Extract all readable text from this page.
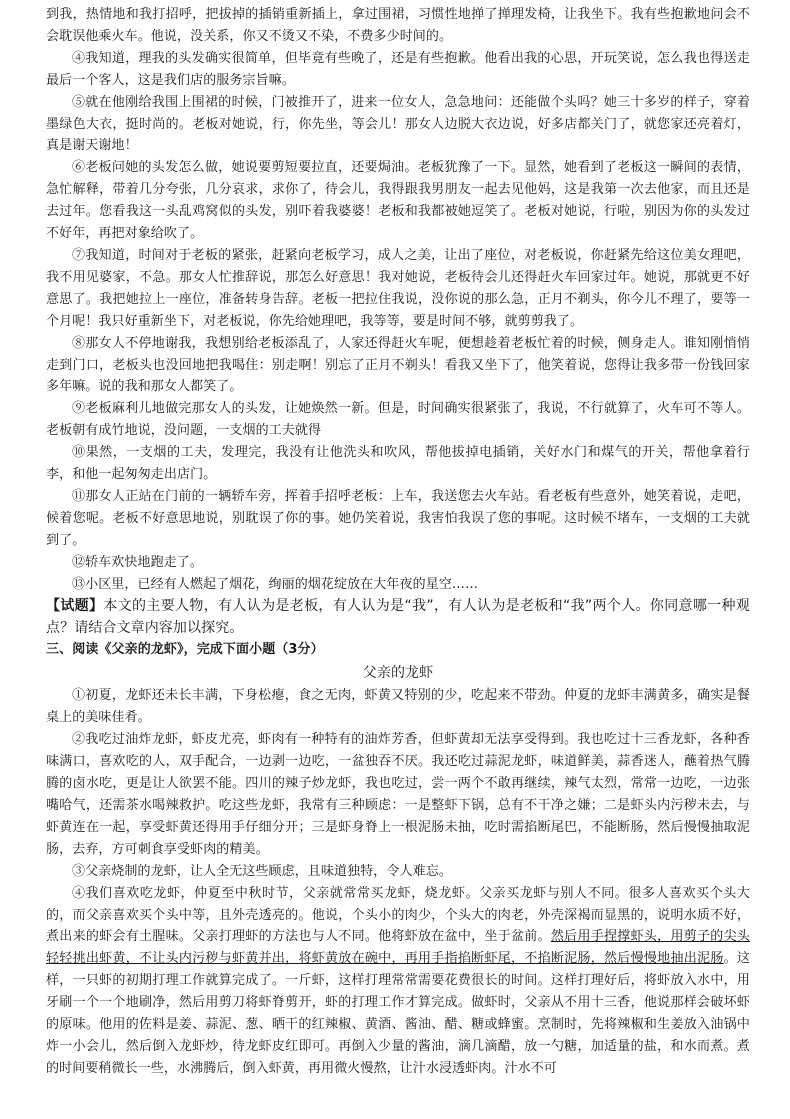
到我，热情地和我打招呼，把拔掉的插销重新插上，拿过围裙，习惯性地掸了掸理发椅，让我坐下。我有些抱歉地问会不会耽误他乘火车。他说，没关系，你又不烫又不染，不费多少时间的。

④我知道，理我的头发确实很简单，但毕竟有些晚了，还是有些抱歉。他看出我的心思，开玩笑说，怎么我也得送走最后一个客人，这是我们店的服务宗旨嘛。

⑤就在他刚给我围上围裙的时候，门被推开了，进来一位女人，急急地问：还能做个头吗？她三十多岁的样子，穿着墨绿色大衣，挺时尚的。老板对她说，行，你先坐，等会儿！那女人边脱大衣边说，好多店都关门了，就您家还亮着灯，真是谢天谢地！

⑥老板问她的头发怎么做，她说要剪短要拉直，还要焗油。老板犹豫了一下。显然，她看到了老板这一瞬间的表情，急忙解释，带着几分夸张，几分哀求，求你了，待会儿，我得跟我男朋友一起去见他妈，这是我第一次去他家，而且还是去过年。您看我这一头乱鸡窝似的头发，别吓着我婆婆！老板和我都被她逗笑了。老板对她说，行啦，别因为你的头发过不好年，再把对象给吹了。

⑦我知道，时间对于老板的紧张，赶紧向老板学习，成人之美，让出了座位，对老板说，你赶紧先给这位美女理吧，我不用见婆家，不急。那女人忙推辞说，那怎么好意思！我对她说，老板待会儿还得赶火车回家过年。她说，那就更不好意思了。我把她拉上一座位，准备转身告辞。老板一把拉住我说，没你说的那么急，正月不剃头，你今儿不理了，要等一个月呢！我只好重新坐下，对老板说，你先给她理吧，我等等，要是时间不够，就剪剪我了。

⑧那女人不停地谢我，我想别给老板添乱了，人家还得赶火车呢，便想趁着老板忙着的时候，侧身走人。谁知刚悄悄走到门口，老板头也没回地把我喝住：别走啊！别忘了正月不剃头！看我又坐下了，他笑着说，您得让我多带一份钱回家多年嘛。说的我和那女人都笑了。

⑨老板麻利儿地做完那女人的头发，让她焕然一新。但是，时间确实很紧张了，我说，不行就算了，火车可不等人。老板朝有成竹地说，没问题，一支烟的工夫就得

⑩果然，一支烟的工夫，发理完，我没有让他洗头和吹风，帮他拔掉电插销，关好水门和煤气的开关，帮他拿着行李，和他一起匆匆走出店门。

⑪那女人正站在门前的一辆轿车旁，挥着手招呼老板：上车，我送您去火车站。看老板有些意外，她笑着说，走吧，候着您呢。老板不好意思地说，别耽误了你的事。她仍笑着说，我害怕我误了您的事呢。这时候不堵车，一支烟的工夫就到了。

⑫轿车欢快地跑走了。

⑬小区里，已经有人燃起了烟花，绚丽的烟花绽放在大年夜的星空……

【试题】本文的主要人物，有人认为是老板，有人认为是“我”，有人认为是老板和“我”两个人。你同意哪一种观点？请结合文章内容加以探究。

三、阅读《父亲的龙虾》，完成下面小题（3分）

父亲的龙虾

①初夏，龙虾还未长丰满，下身松瘪，食之无肉，虾黄又特别的少，吃起来不带劲。仲夏的龙虾丰满黄多，确实是餐桌上的美味佳肴。

②我吃过油炸龙虾，虾皮尤亮，虾肉有一种特有的油炸芳香，但虾黄却无法享受得到。我也吃过十三香龙虾，各种香味满口，喜欢吃的人，双手配合，一边剥一边吃，一盆独吞不厌。我还吃过蒜泥龙虾，味道鲜美，蒜香迷人，蘸着热气腾腾的卤水吃，更是让人欲罢不能。四川的辣子炒龙虾，我也吃过，尝一两个不敢再继续，辣气太烈，常常一边吃，一边张嘴哈气，还需茶水喝辣救护。吃这些龙虾，我常有三种顾虑：一是整虾下锅，总有不干净之嫌；二是虾头内污秽未去，与虾黄连在一起，享受虾黄还得用手仔细分开；三是虾身脊上一根泥肠未抽，吃时需掐断尾巴，不能断肠，然后慢慢抽取泥肠，去弃，方可刺食享受虾肉的精美。

③父亲烧制的龙虾，让人全无这些顾虑，且味道独特，令人难忘。

④我们喜欢吃龙虾，仲夏至中秋时节，父亲就常常买龙虾，烧龙虾。父亲买龙虾与别人不同。很多人喜欢买个头大的，而父亲喜欢买个头中等，且外壳透亮的。他说，个头小的肉少，个头大的肉老，外壳深褐而显黑的，说明水质不好，煮出来的虾会有土腥味。父亲打理虾的方法也与人不同。他将虾放在盆中，坐于盆前。然后用手捏撑虾头，用剪子的尖头轻轻挑出虾黄，不让头内污秽与虾黄并出，将虾黄放在碗中，再用手指掐断虾尾，不掐断泥肠，然后慢慢地抽出泥肠。这样，一只虾的初期打理工作就算完成了。一斤虾，这样打理常常需要花费很长的时间。这样打理好后，将虾放入水中，用牙刷一个一个地刷净，然后用剪刀将虾脊剪开，虾的打理工作才算完成。做虾时，父亲从不用十三香，他说那样会破坏虾的原味。他用的佐料是姜、蒜泥、葱、晒干的红辣椒、黄酒、酱油、醋、糖或蜂蜜。烹制时，先将辣椒和生姜放入油锅中炸一小会儿，然后倒入龙虾炒，待龙虾皮红即可。再倒入少量的酱油，滴几滴醋，放一勺糖，加适量的盐，和水而煮。煮的时间要稍微长一些，水沸腾后，倒入虾黄，再用微火慢熬，让汁水浸透虾肉。汁水不可
